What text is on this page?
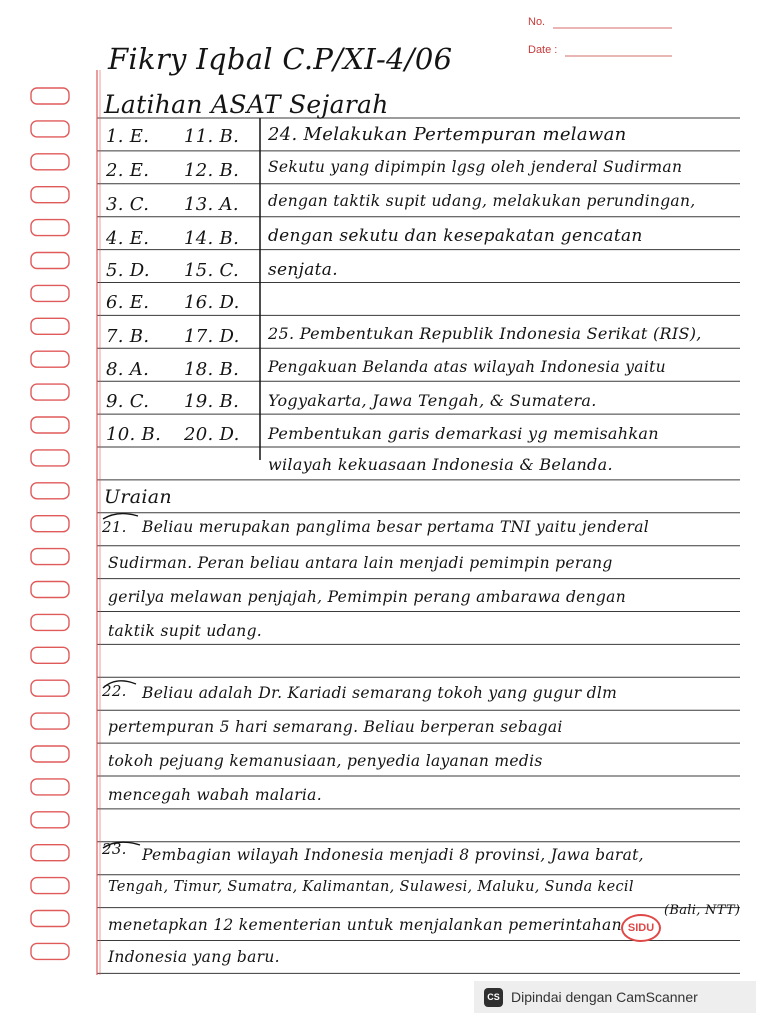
No.
Date :
Fikry Iqbal C.P/XI-4/06
Latihan ASAT Sejarah
1. E.
2. E.
3. C.
4. E.
5. D.
6. E.
7. B.
8. A.
9. C.
10. B.
11. B.
12. B.
13. A.
14. B.
15. C.
16. D.
17. D.
18. B.
19. B.
20. D.
24. Melakukan Pertempuran melawan
Sekutu yang dipimpin lgsg oleh jenderal Sudirman
dengan taktik supit udang, melakukan perundingan,
dengan sekutu dan kesepakatan gencatan
senjata.
25. Pembentukan Republik Indonesia Serikat (RIS),
Pengakuan Belanda atas wilayah Indonesia yaitu
Yogyakarta, Jawa Tengah, & Sumatera.
Pembentukan garis demarkasi yg memisahkan
wilayah kekuasaan Indonesia & Belanda.
Uraian
21. Beliau merupakan panglima besar pertama TNI yaitu jenderal
Sudirman. Peran beliau antara lain menjadi pemimpin perang
gerilya melawan penjajah, Pemimpin perang ambarawa dengan
taktik supit udang.
22. Beliau adalah Dr. Kariadi semarang tokoh yang gugur dlm
pertempuran 5 hari semarang. Beliau berperan sebagai
tokoh pejuang kemanusiaan, penyedia layanan medis
mencegah wabah malaria.
23. Pembagian wilayah Indonesia menjadi 8 provinsi, Jawa barat,
Tengah, Timur, Sumatra, Kalimantan, Sulawesi, Maluku, Sunda kecil
menetapkan 12 kementerian untuk menjalankan pemerintahan
Indonesia yang baru.
(Bali, NTT)
SIDU
CS Dipindai dengan CamScanner
